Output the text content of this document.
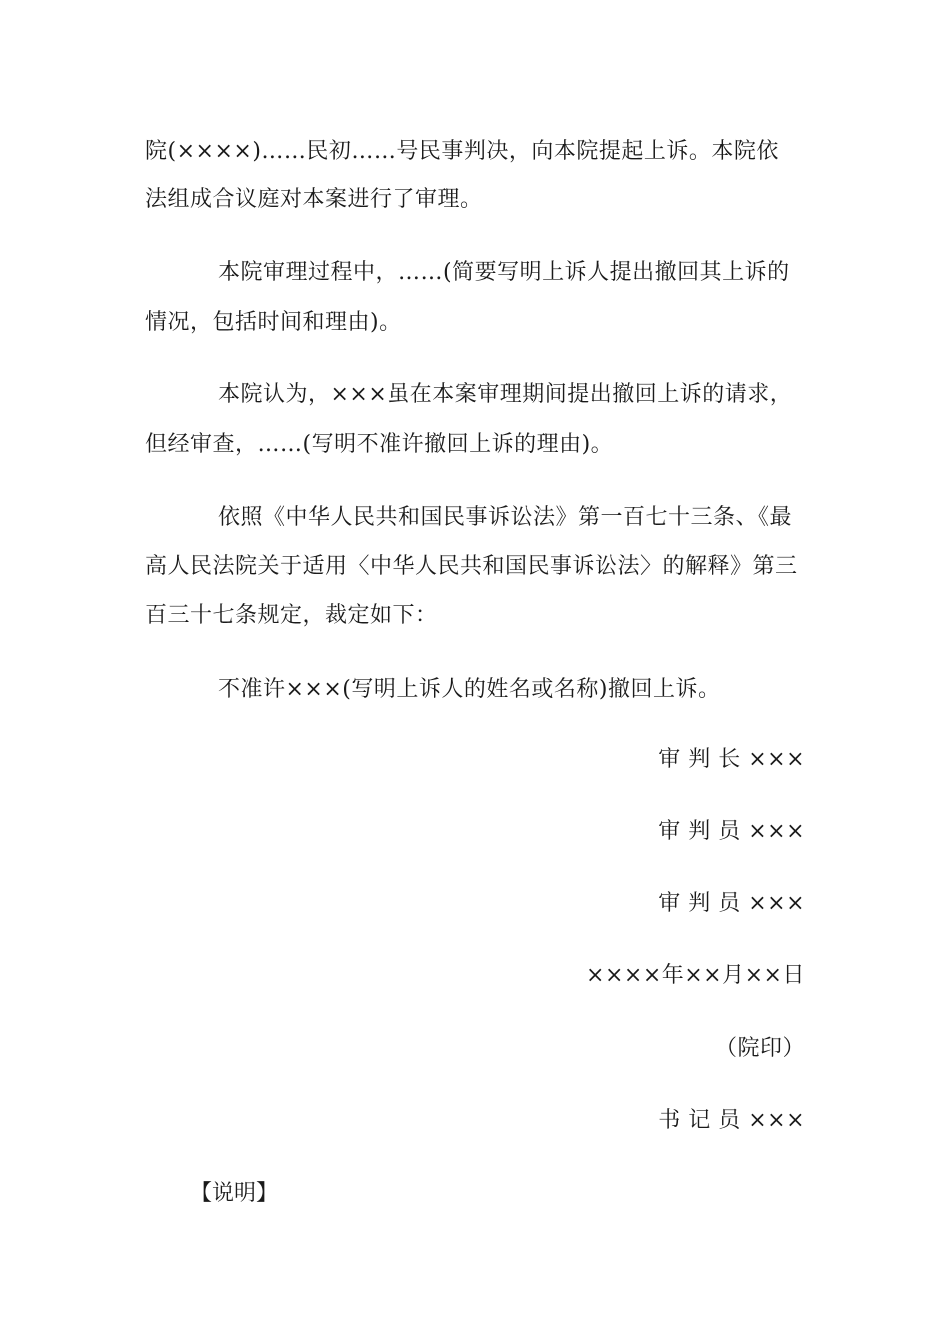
院(××××)……民初……号民事判决，向本院提起上诉。本院依
法组成合议庭对本案进行了审理。
本院审理过程中，……(简要写明上诉人提出撤回其上诉的
情况，包括时间和理由)。
本院认为，×××虽在本案审理期间提出撤回上诉的请求，
但经审查，……(写明不准许撤回上诉的理由)。
依照《中华人民共和国民事诉讼法》第一百七十三条、《最
高人民法院关于适用〈中华人民共和国民事诉讼法〉的解释》第三
百三十七条规定，裁定如下：
不准许×××(写明上诉人的姓名或名称)撤回上诉。
审 判 长 ×××
审 判 员 ×××
审 判 员 ×××
××××年××月××日
（院印）
书 记 员 ×××
【说明】
